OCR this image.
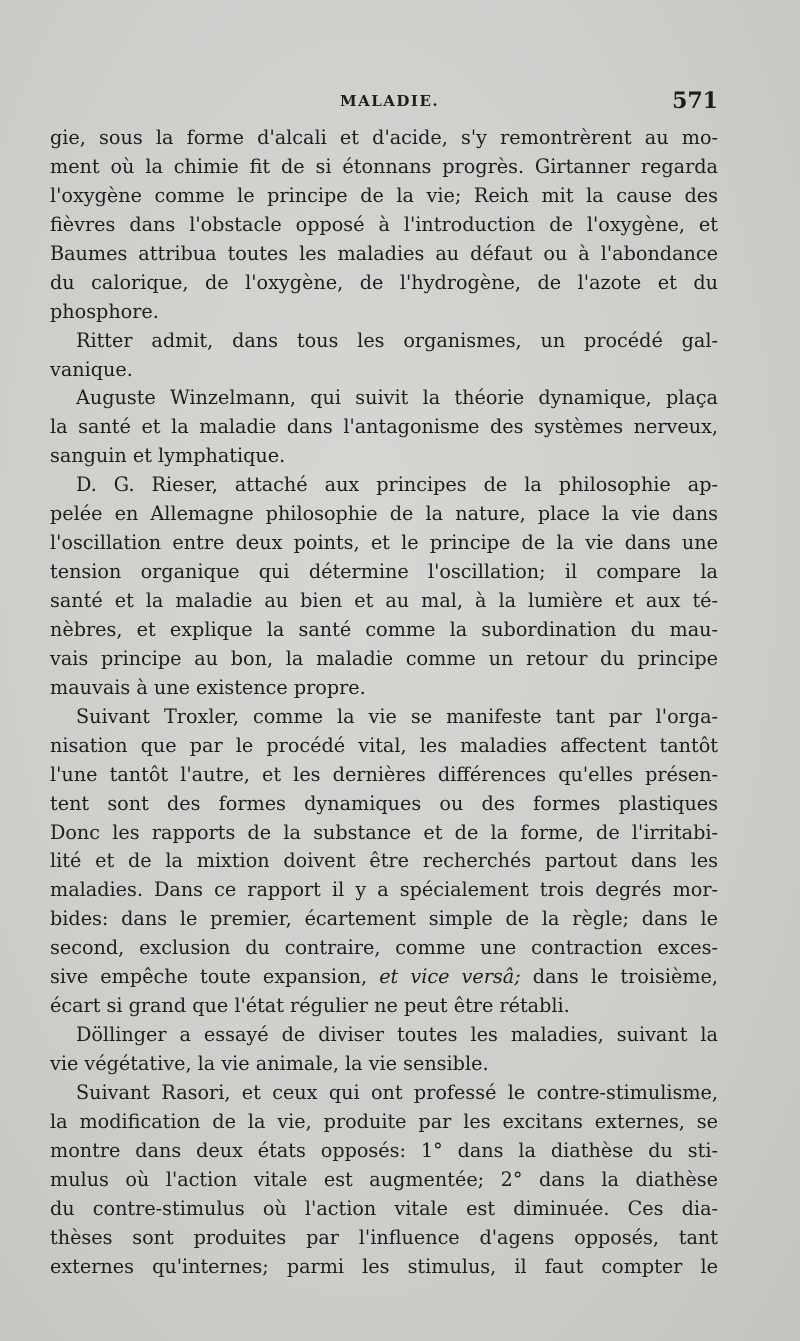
MALADIE.	571
gie, sous la forme d'alcali et d'acide, s'y remontrèrent au mo-
ment où la chimie fit de si étonnans progrès. Girtanner regarda
l'oxygène comme le principe de la vie; Reich mit la cause des
fièvres dans l'obstacle opposé à l'introduction de l'oxygène, et
Baumes attribua toutes les maladies au défaut ou à l'abondance
du calorique, de l'oxygène, de l'hydrogène, de l'azote et du
phosphore.
Ritter admit, dans tous les organismes, un procédé gal-
vanique.
Auguste Winzelmann, qui suivit la théorie dynamique, plaça
la santé et la maladie dans l'antagonisme des systèmes nerveux,
sanguin et lymphatique.
D. G. Rieser, attaché aux principes de la philosophie ap-
pelée en Allemagne philosophie de la nature, place la vie dans
l'oscillation entre deux points, et le principe de la vie dans une
tension organique qui détermine l'oscillation; il compare la
santé et la maladie au bien et au mal, à la lumière et aux té-
nèbres, et explique la santé comme la subordination du mau-
vais principe au bon, la maladie comme un retour du principe
mauvais à une existence propre.
Suivant Troxler, comme la vie se manifeste tant par l'orga-
nisation que par le procédé vital, les maladies affectent tantôt
l'une tantôt l'autre, et les dernières différences qu'elles présen-
tent sont des formes dynamiques ou des formes plastiques
Donc les rapports de la substance et de la forme, de l'irritabi-
lité et de la mixtion doivent être recherchés partout dans les
maladies. Dans ce rapport il y a spécialement trois degrés mor-
bides: dans le premier, écartement simple de la règle; dans le
second, exclusion du contraire, comme une contraction exces-
sive empêche toute expansion, et vice versâ; dans le troisième,
écart si grand que l'état régulier ne peut être rétabli.
Döllinger a essayé de diviser toutes les maladies, suivant la
vie végétative, la vie animale, la vie sensible.
Suivant Rasori, et ceux qui ont professé le contre-stimulisme,
la modification de la vie, produite par les excitans externes, se
montre dans deux états opposés: 1° dans la diathèse du sti-
mulus où l'action vitale est augmentée; 2° dans la diathèse
du contre-stimulus où l'action vitale est diminuée. Ces dia-
thèses sont produites par l'influence d'agens opposés, tant
externes qu'internes; parmi les stimulus, il faut compter le
